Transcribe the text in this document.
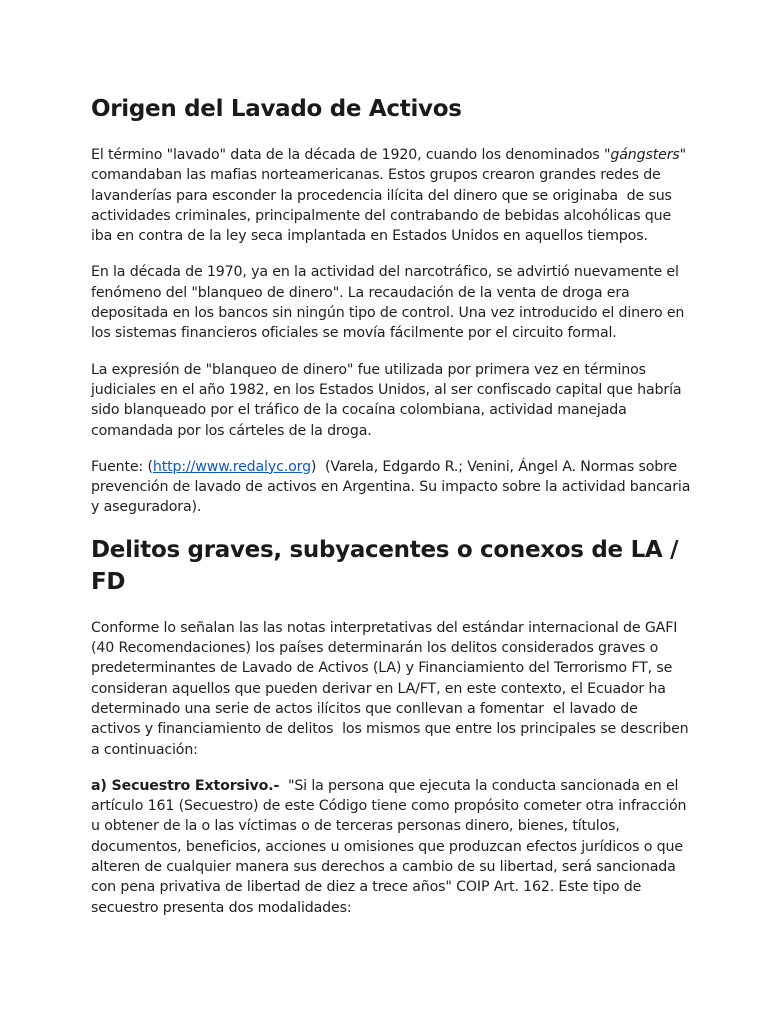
Origen del Lavado de Activos

El término "lavado" data de la década de 1920, cuando los denominados "gángsters" comandaban las mafias norteamericanas. Estos grupos crearon grandes redes de  lavanderías para esconder la procedencia ilícita del dinero que se originaba  de sus actividades criminales, principalmente del contrabando de bebidas alcohólicas que iba en contra de la ley seca implantada en Estados Unidos en aquellos tiempos.

En la década de 1970, ya en la actividad del narcotráfico, se advirtió nuevamente el fenómeno del "blanqueo de dinero". La recaudación de la venta de droga era depositada en los bancos sin ningún tipo de control. Una vez introducido el dinero en los sistemas financieros oficiales se movía fácilmente por el circuito formal.

La expresión de "blanqueo de dinero" fue utilizada por primera vez en términos judiciales en el año 1982, en los Estados Unidos, al ser confiscado capital que habría sido blanqueado por el tráfico de la cocaína colombiana, actividad manejada  comandada por los cárteles de la droga.

Fuente: (http://www.redalyc.org)  (Varela, Edgardo R.; Venini, Ángel A. Normas sobre prevención de lavado de activos en Argentina. Su impacto sobre la actividad bancaria y aseguradora).

Delitos graves, subyacentes o conexos de LA / FD

Conforme lo señalan las las notas interpretativas del estándar internacional de GAFI (40 Recomendaciones) los países determinarán los delitos considerados graves o predeterminantes de Lavado de Activos (LA) y Financiamiento del Terrorismo FT, se consideran aquellos que pueden derivar en LA/FT, en este contexto, el Ecuador ha determinado una serie de actos ilícitos que conllevan a fomentar  el lavado de activos y financiamiento de delitos  los mismos que entre los principales se describen a continuación:

a) Secuestro Extorsivo.-  "Si la persona que ejecuta la conducta sancionada en el artículo 161 (Secuestro) de este Código tiene como propósito cometer otra infracción u obtener de la o las víctimas o de terceras personas dinero, bienes, títulos, documentos, beneficios, acciones u omisiones que produzcan efectos jurídicos o que alteren de cualquier manera sus derechos a cambio de su libertad, será sancionada con pena privativa de libertad de diez a trece años" COIP Art. 162. Este tipo de secuestro presenta dos modalidades:
